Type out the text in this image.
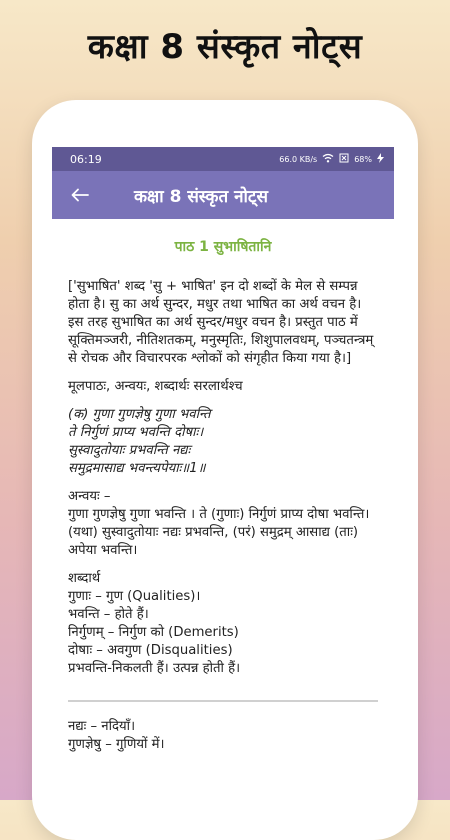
कक्षा 8 संस्कृत नोट्स
06:19	66.0 KB/s	68%
कक्षा 8 संस्कृत नोट्स
पाठ 1 सुभाषितानि

['सुभाषित' शब्द 'सु + भाषित' इन दो शब्दों के मेल से सम्पन्न होता है। सु का अर्थ सुन्दर, मधुर तथा भाषित का अर्थ वचन है। इस तरह सुभाषित का अर्थ सुन्दर/मधुर वचन है। प्रस्तुत पाठ में सूक्तिमञ्जरी, नीतिशतकम्, मनुस्मृतिः, शिशुपालवधम्, पञ्चतन्त्रम् से रोचक और विचारपरक श्लोकों को संगृहीत किया गया है।]

मूलपाठः, अन्वयः, शब्दार्थः सरलार्थश्च

(क) गुणा गुणज्ञेषु गुणा भवन्ति
ते निर्गुणं प्राप्य भवन्ति दोषाः।
सुस्वादुतोयाः प्रभवन्ति नद्यः
समुद्रमासाद्य भवन्त्यपेयाः॥1॥

अन्वयः –
गुणा गुणज्ञेषु गुणा भवन्ति । ते (गुणाः) निर्गुणं प्राप्य दोषा भवन्ति। (यथा) सुस्वादुतोयाः नद्यः प्रभवन्ति, (परं) समुद्रम् आसाद्य (ताः) अपेया भवन्ति।

शब्दार्थ
गुणाः – गुण (Qualities)।
भवन्ति – होते हैं।
निर्गुणम् – निर्गुण को (Demerits)
दोषाः – अवगुण (Disqualities)
प्रभवन्ति-निकलती हैं। उत्पन्न होती हैं।

नद्यः – नदियाँ।
गुणज्ञेषु – गुणियों में।
